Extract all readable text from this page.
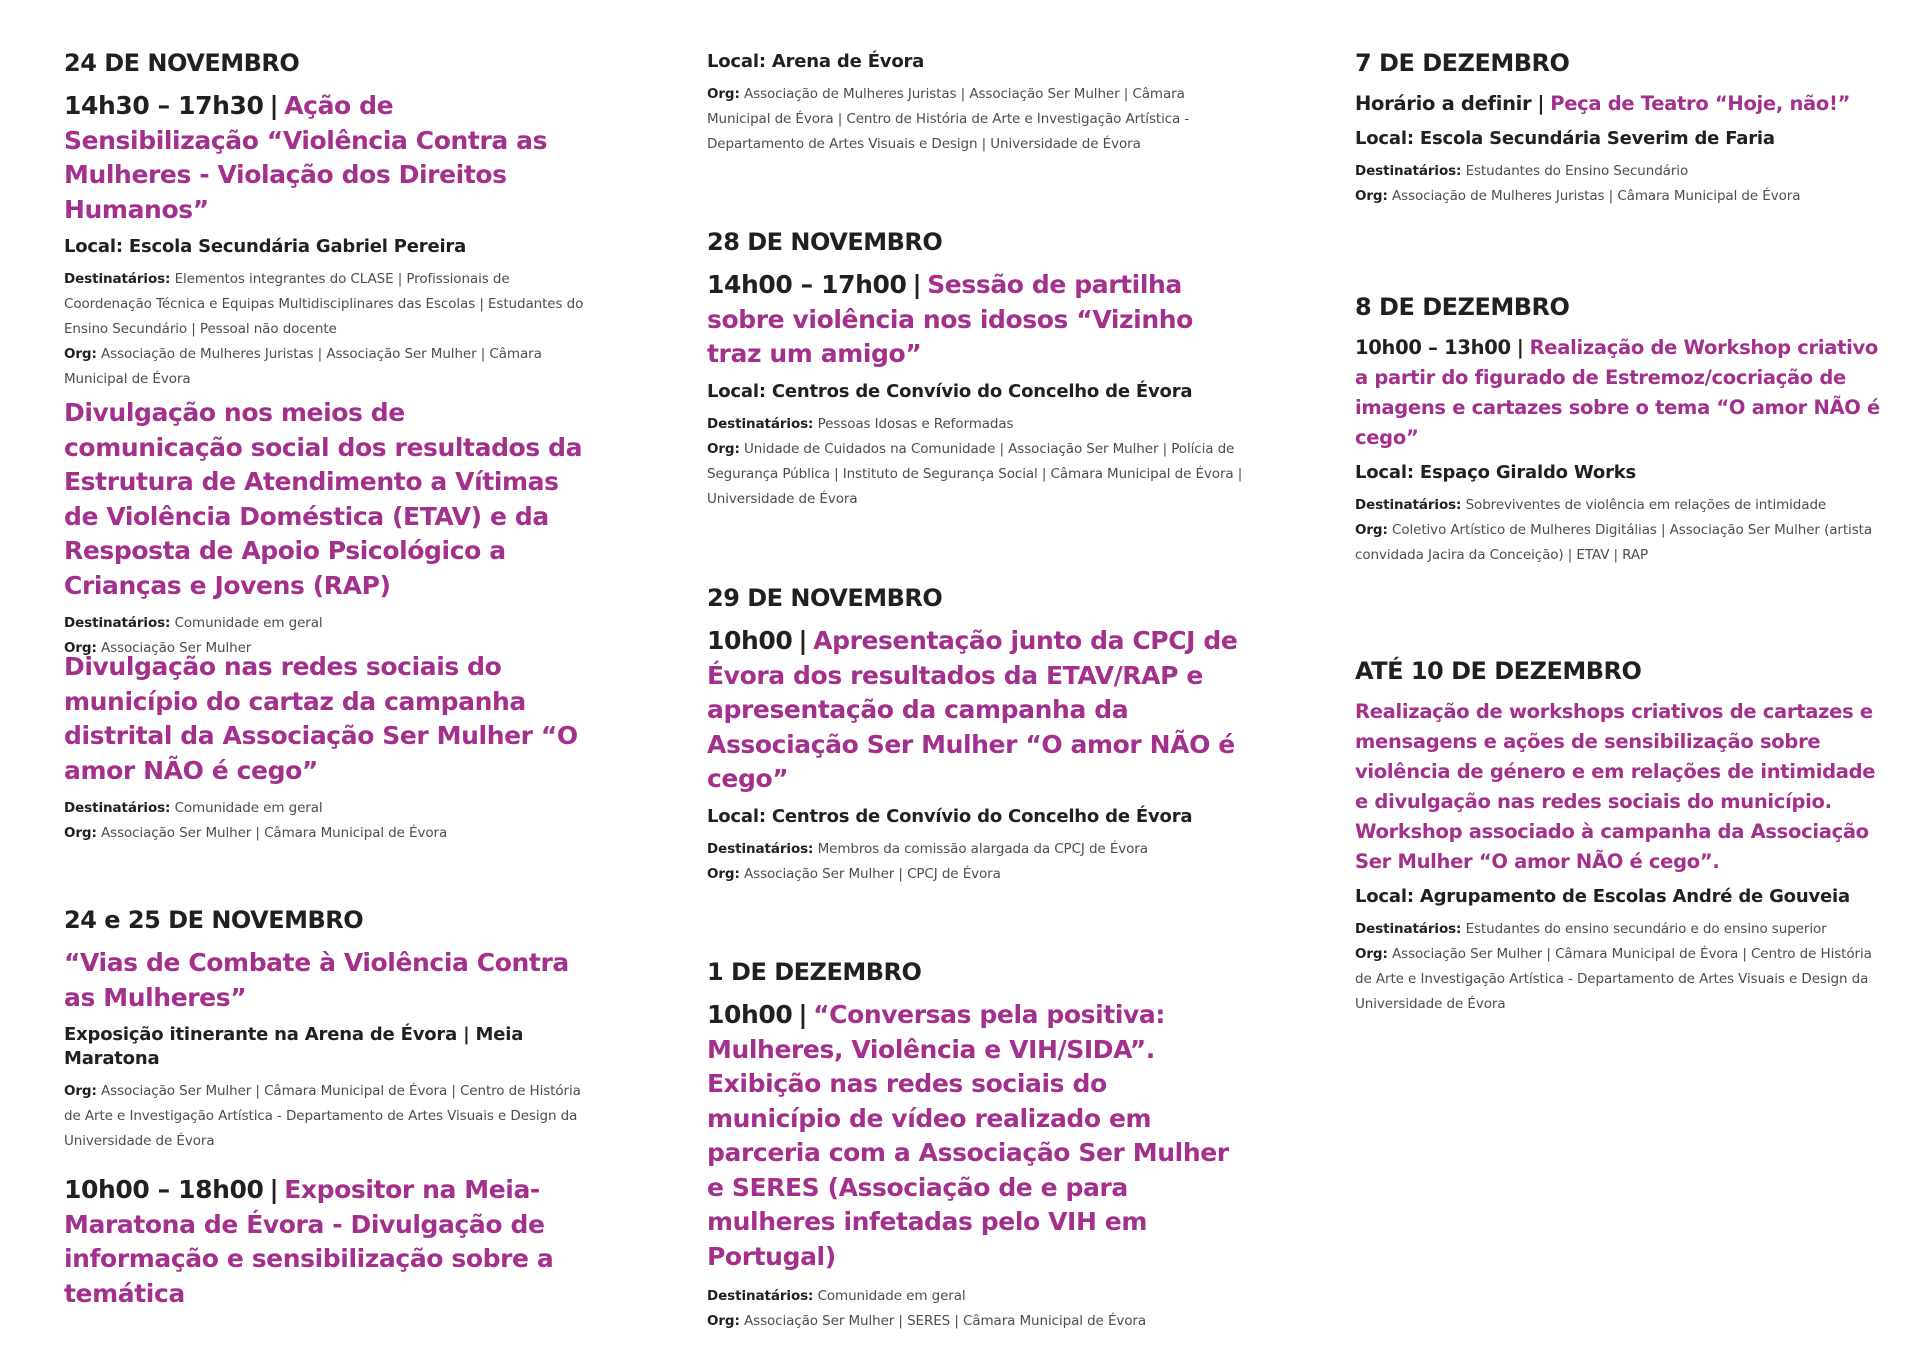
24 DE NOVEMBRO
14h30 – 17h30 | Ação de Sensibilização “Violência Contra as Mulheres - Violação dos Direitos Humanos”
Local: Escola Secundária Gabriel Pereira
Destinatários: Elementos integrantes do CLASE | Profissionais de Coordenação Técnica e Equipas Multidisciplinares das Escolas | Estudantes do Ensino Secundário | Pessoal não docente
Org: Associação de Mulheres Juristas | Associação Ser Mulher | Câmara Municipal de Évora
Divulgação nos meios de comunicação social dos resultados da Estrutura de Atendimento a Vítimas de Violência Doméstica (ETAV) e da Resposta de Apoio Psicológico a Crianças e Jovens (RAP)
Destinatários: Comunidade em geral
Org: Associação Ser Mulher
Divulgação nas redes sociais do município do cartaz da campanha distrital da Associação Ser Mulher “O amor NÃO é cego”
Destinatários: Comunidade em geral
Org: Associação Ser Mulher | Câmara Municipal de Évora
24 e 25 DE NOVEMBRO
“Vias de Combate à Violência Contra as Mulheres”
Exposição itinerante na Arena de Évora | Meia Maratona
Org: Associação Ser Mulher | Câmara Municipal de Évora | Centro de História de Arte e Investigação Artística - Departamento de Artes Visuais e Design da Universidade de Évora
10h00 – 18h00 | Expositor na Meia-Maratona de Évora - Divulgação de informação e sensibilização sobre a temática
Local: Arena de Évora
Org: Associação de Mulheres Juristas | Associação Ser Mulher | Câmara Municipal de Évora | Centro de História de Arte e Investigação Artística - Departamento de Artes Visuais e Design | Universidade de Évora
28 DE NOVEMBRO
14h00 – 17h00 | Sessão de partilha sobre violência nos idosos “Vizinho traz um amigo”
Local: Centros de Convívio do Concelho de Évora
Destinatários: Pessoas Idosas e Reformadas
Org: Unidade de Cuidados na Comunidade | Associação Ser Mulher | Polícia de Segurança Pública | Instituto de Segurança Social | Câmara Municipal de Évora | Universidade de Évora
29 DE NOVEMBRO
10h00 | Apresentação junto da CPCJ de Évora dos resultados da ETAV/RAP e apresentação da campanha da Associação Ser Mulher “O amor NÃO é cego”
Local: Centros de Convívio do Concelho de Évora
Destinatários: Membros da comissão alargada da CPCJ de Évora
Org: Associação Ser Mulher | CPCJ de Évora
1 DE DEZEMBRO
10h00 | “Conversas pela positiva: Mulheres, Violência e VIH/SIDA”. Exibição nas redes sociais do município de vídeo realizado em parceria com a Associação Ser Mulher e SERES (Associação de e para mulheres infetadas pelo VIH em Portugal)
Destinatários: Comunidade em geral
Org: Associação Ser Mulher | SERES | Câmara Municipal de Évora
7 DE DEZEMBRO
Horário a definir | Peça de Teatro “Hoje, não!”
Local: Escola Secundária Severim de Faria
Destinatários: Estudantes do Ensino Secundário
Org: Associação de Mulheres Juristas | Câmara Municipal de Évora
8 DE DEZEMBRO
10h00 – 13h00 | Realização de Workshop criativo a partir do figurado de Estremoz/cocriação de imagens e cartazes sobre o tema “O amor NÃO é cego”
Local: Espaço Giraldo Works
Destinatários: Sobreviventes de violência em relações de intimidade
Org: Coletivo Artístico de Mulheres Digitálias | Associação Ser Mulher (artista convidada Jacira da Conceição) | ETAV | RAP
ATÉ 10 DE DEZEMBRO
Realização de workshops criativos de cartazes e mensagens e ações de sensibilização sobre violência de género e em relações de intimidade e divulgação nas redes sociais do município. Workshop associado à campanha da Associação Ser Mulher “O amor NÃO é cego”.
Local: Agrupamento de Escolas André de Gouveia
Destinatários: Estudantes do ensino secundário e do ensino superior
Org: Associação Ser Mulher | Câmara Municipal de Évora | Centro de História de Arte e Investigação Artística - Departamento de Artes Visuais e Design da Universidade de Évora
